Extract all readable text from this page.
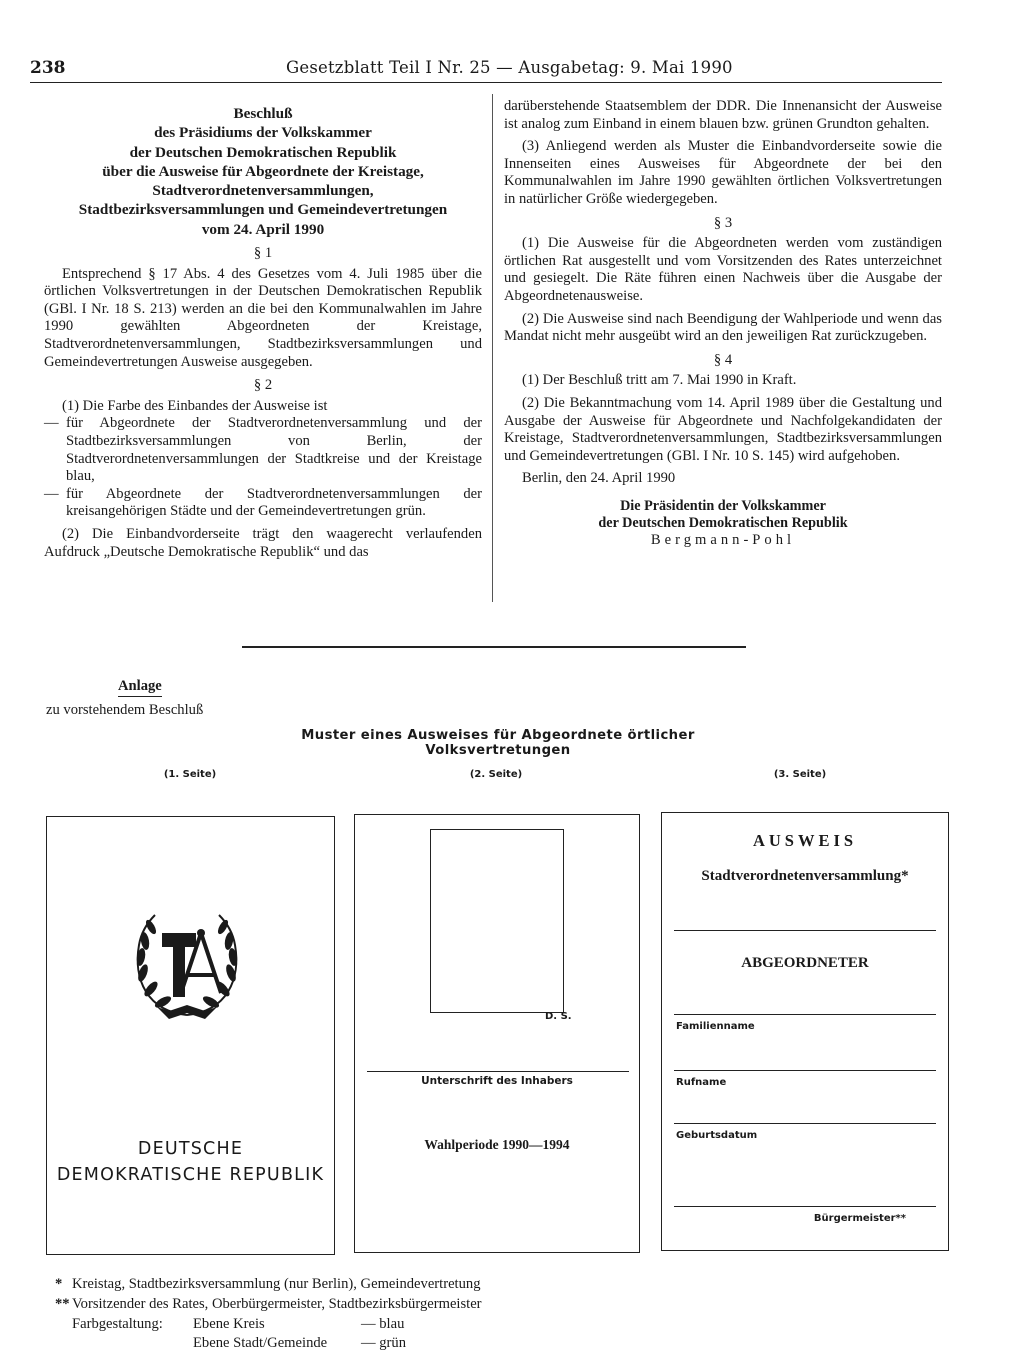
238	Gesetzblatt Teil I Nr. 25 — Ausgabetag: 9. Mai 1990
Beschluß
des Präsidiums der Volkskammer
der Deutschen Demokratischen Republik
über die Ausweise für Abgeordnete der Kreistage,
Stadtverordnetenversammlungen,
Stadtbezirksversammlungen und Gemeindevertretungen
vom 24. April 1990
§ 1

Entsprechend § 17 Abs. 4 des Gesetzes vom 4. Juli 1985 über die örtlichen Volksvertretungen in der Deutschen Demokratischen Republik (GBl. I Nr. 18 S. 213) werden an die bei den Kommunalwahlen im Jahre 1990 gewählten Abgeordneten der Kreistage, Stadtverordnetenversammlungen, Stadtbezirksversammlungen und Gemeindevertretungen Ausweise ausgegeben.

§ 2

(1) Die Farbe des Einbandes der Ausweise ist

— für Abgeordnete der Stadtverordnetenversammlung und der Stadtbezirksversammlungen von Berlin, der Stadtverordnetenversammlungen der Stadtkreise und der Kreistage blau,

— für Abgeordnete der Stadtverordnetenversammlungen der kreisangehörigen Städte und der Gemeindevertretungen grün.

(2) Die Einbandvorderseite trägt den waagerecht verlaufenden Aufdruck „Deutsche Demokratische Republik“ und das

darüberstehende Staatsemblem der DDR. Die Innenansicht der Ausweise ist analog zum Einband in einem blauen bzw. grünen Grundton gehalten.

(3) Anliegend werden als Muster die Einbandvorderseite sowie die Innenseiten eines Ausweises für Abgeordnete der bei den Kommunalwahlen im Jahre 1990 gewählten örtlichen Volksvertretungen in natürlicher Größe wiedergegeben.

§ 3

(1) Die Ausweise für die Abgeordneten werden vom zuständigen örtlichen Rat ausgestellt und vom Vorsitzenden des Rates unterzeichnet und gesiegelt. Die Räte führen einen Nachweis über die Ausgabe der Abgeordnetenausweise.

(2) Die Ausweise sind nach Beendigung der Wahlperiode und wenn das Mandat nicht mehr ausgeübt wird an den jeweiligen Rat zurückzugeben.

§ 4

(1) Der Beschluß tritt am 7. Mai 1990 in Kraft.

(2) Die Bekanntmachung vom 14. April 1989 über die Gestaltung und Ausgabe der Ausweise für Abgeordnete und Nachfolgekandidaten der Kreistage, Stadtverordnetenversammlungen, Stadtbezirksversammlungen und Gemeindevertretungen (GBl. I Nr. 10 S. 145) wird aufgehoben.

Berlin, den 24. April 1990

Die Präsidentin der Volkskammer
der Deutschen Demokratischen Republik
Bergmann-Pohl
Anlage
zu vorstehendem Beschluß
Muster eines Ausweises für Abgeordnete örtlicher Volksvertretungen
(1. Seite)	(2. Seite)	(3. Seite)
DEUTSCHE
DEMOKRATISCHE REPUBLIK
D. S.
Unterschrift des Inhabers
Wahlperiode 1990—1994
AUSWEIS
Stadtverordnetenversammlung*
ABGEORDNETER
Familienname
Rufname
Geburtsdatum
Bürgermeister**
* Kreistag, Stadtbezirksversammlung (nur Berlin), Gemeindevertretung
** Vorsitzender des Rates, Oberbürgermeister, Stadtbezirksbürgermeister
Farbgestaltung: Ebene Kreis	— blau
Ebene Stadt/Gemeinde — grün
